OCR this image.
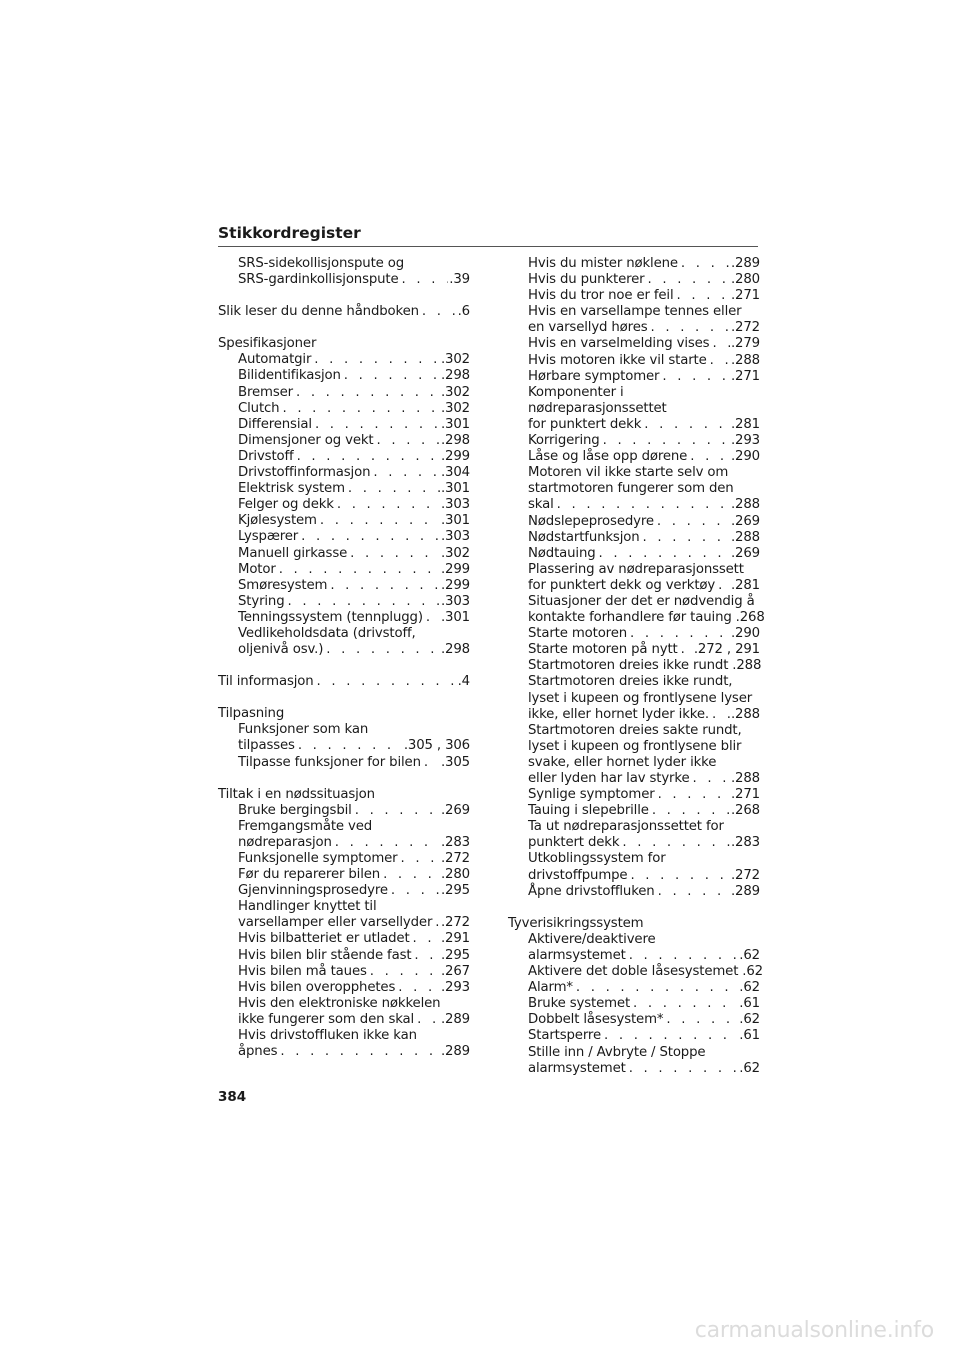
Stikkordregister
SRS-sidekollisjonspute og
SRS-gardinkollisjonspute . . .	.39
Slik leser du denne håndboken . . .	.6
Spesifikasjoner
Automatgir . . .	.302
Bilidentifikasjon . . .	.298
Bremser . . .	.302
Clutch . . .	.302
Differensial . . .	.301
Dimensjoner og vekt . . .	.298
Drivstoff . . .	.299
Drivstoffinformasjon . . .	.304
Elektrisk system . . .	.301
Felger og dekk . . .	.303
Kjølesystem . . .	.301
Lyspærer . . .	.303
Manuell girkasse . . .	.302
Motor . . .	.299
Smøresystem . . .	.299
Styring . . .	.303
Tenningssystem (tennplugg) . . . .301
Vedlikeholdsdata (drivstoff,
oljenivå osv.) . . .	.298
Til informasjon . . .	.4
Tilpasning
Funksjoner som kan
tilpasses . . .	.305 , 306
Tilpasse funksjoner for bilen . . . .305
Tiltak i en nødssituasjon
Bruke bergingsbil . . .	.269
Fremgangsmåte ved
nødreparasjon . . .	.283
Funksjonelle symptomer . . .	.272
Før du reparerer bilen . . .	.280
Gjenvinningsprosedyre . . .	.295
Handlinger knyttet til
varsellamper eller varsellyder . . . .272
Hvis bilbatteriet er utladet . . . .291
Hvis bilen blir stående fast . . . .295
Hvis bilen må taues . . .	.267
Hvis bilen overopphetes . . .	.293
Hvis den elektroniske nøkkelen
ikke fungerer som den skal . . . .289
Hvis drivstoffluken ikke kan
åpnes . . .	.289
Hvis du mister nøklene . . .	.289
Hvis du punkterer . . .	.280
Hvis du tror noe er feil . . .	.271
Hvis en varsellampe tennes eller
en varsellyd høres . . .	.272
Hvis en varselmelding vises . . . .279
Hvis motoren ikke vil starte . . . .288
Hørbare symptomer . . .	.271
Komponenter i nødreparasjonssettet
for punktert dekk . . .	.281
Korrigering . . .	.293
Låse og låse opp dørene . . .	.290
Motoren vil ikke starte selv om
startmotoren fungerer som den
skal . . .	.288
Nødslepeprosedyre . . .	.269
Nødstartfunksjon . . .	.288
Nødtauing . . .	.269
Plassering av nødreparasjonssett
for punktert dekk og verktøy . . . .281
Situasjoner der det er nødvendig å
kontakte forhandlere før tauing .268
Starte motoren . . .	.290
Starte motoren på nytt . . . .272 , 291
Startmotoren dreies ikke rundt .288
Startmotoren dreies ikke rundt,
lyset i kupeen og frontlysene lyser
ikke, eller hornet lyder ikke. . . . .288
Startmotoren dreies sakte rundt,
lyset i kupeen og frontlysene blir
svake, eller hornet lyder ikke
eller lyden har lav styrke . . .	.288
Synlige symptomer . . .	.271
Tauing i slepebrille . . .	.268
Ta ut nødreparasjonssettet for
punktert dekk . . .	.283
Utkoblingssystem for
drivstoffpumpe . . .	.272
Åpne drivstoffluken . . .	.289
Tyverisikringssystem
Aktivere/deaktivere
alarmsystemet . . .	.62
Aktivere det doble låsesystemet .62
Alarm* . . .	.62
Bruke systemet . . .	.61
Dobbelt låsesystem* . . .	.62
Startsperre . . .	.61
Stille inn / Avbryte / Stoppe
alarmsystemet . . .	.62
384
carmanualsonline.info
